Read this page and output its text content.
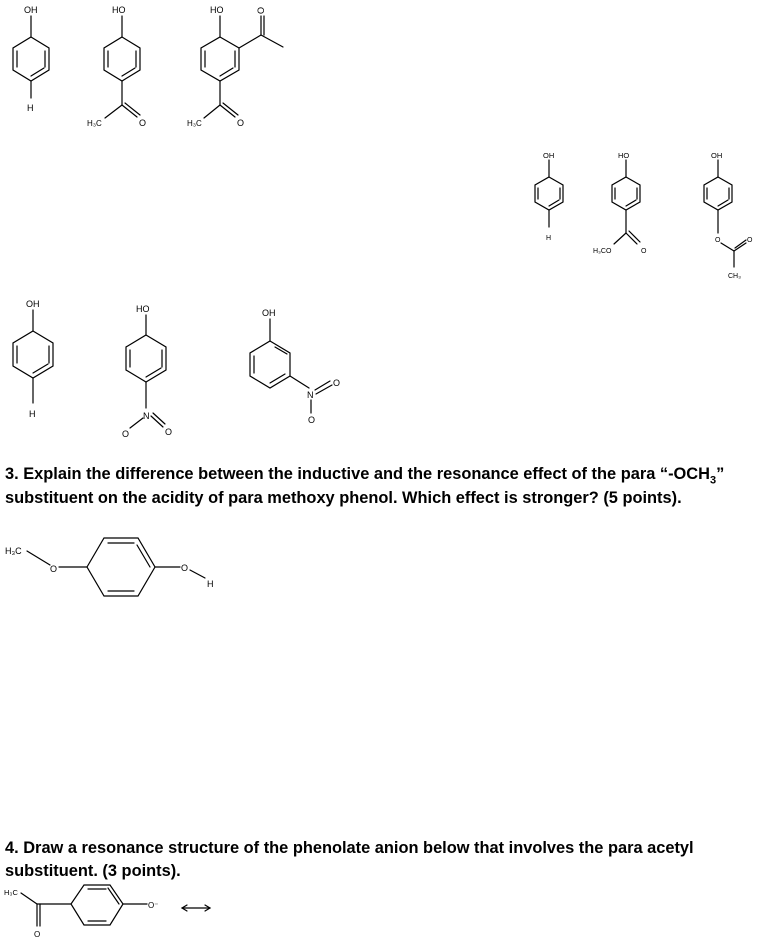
OH
H
HO
H₃C	O
HO	O
H₃C	O
OH
H
HO
H₃CO	O
OH
O	O
CH₃
OH
H
HO
N
O	O
OH
N
O
O

3. Explain the difference between the inductive and the resonance effect of the para “$-OCH_3$”

substituent on the acidity of para methoxy phenol. Which effect is stronger? (5 points).

H₃C
O	O
H

4. Draw a resonance structure of the phenolate anion below that involves the para acetyl

substituent. (3 points).

H₃C
O
O⁻
